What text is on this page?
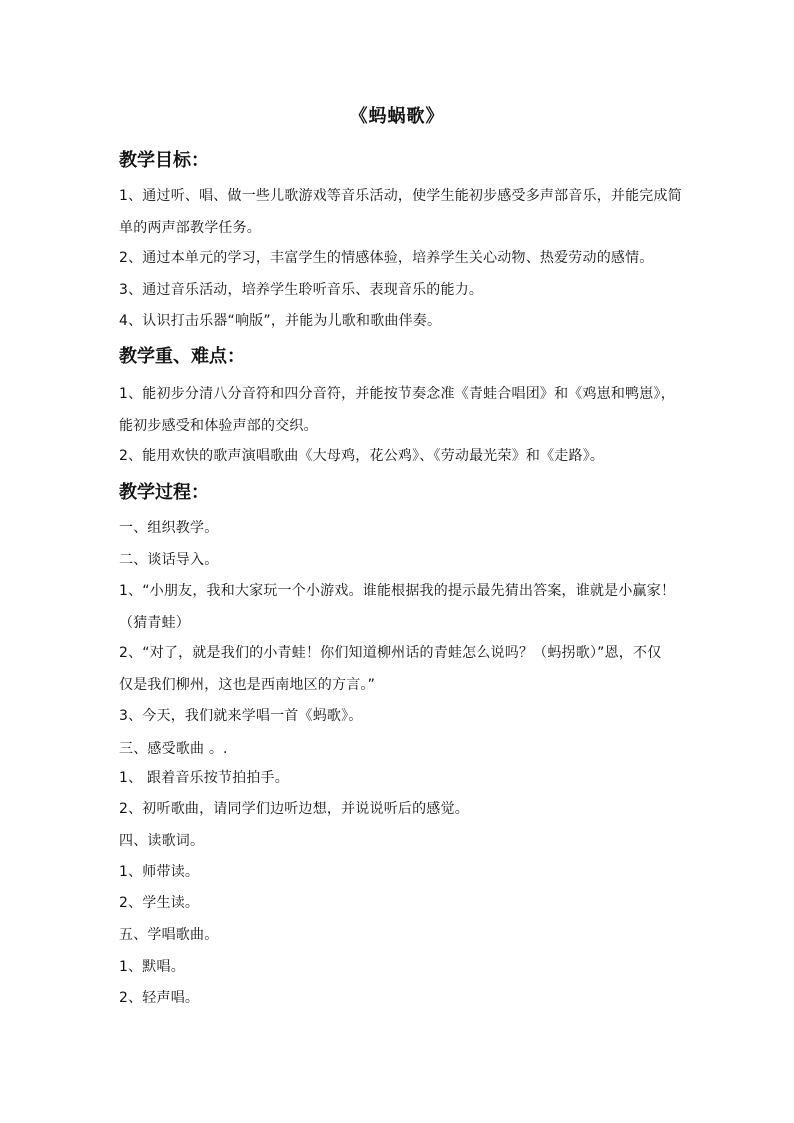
《蚂蜗歌》
教学目标：
1、通过听、唱、做一些儿歌游戏等音乐活动，使学生能初步感受多声部音乐，并能完成简
单的两声部教学任务。
2、通过本单元的学习，丰富学生的情感体验，培养学生关心动物、热爱劳动的感情。
3、通过音乐活动，培养学生聆听音乐、表现音乐的能力。
4、认识打击乐器“响版”，并能为儿歌和歌曲伴奏。
教学重、难点：
1、能初步分清八分音符和四分音符，并能按节奏念准《青蛙合唱团》和《鸡崽和鸭崽》，
能初步感受和体验声部的交织。
2、能用欢快的歌声演唱歌曲《大母鸡，花公鸡》、《劳动最光荣》和《走路》。
教学过程：
一、组织教学。
二、谈话导入。
1、“小朋友，我和大家玩一个小游戏。谁能根据我的提示最先猜出答案，谁就是小赢家！
（猜青蛙）
2、“对了，就是我们的小青蛙！你们知道柳州话的青蛙怎么说吗？（蚂拐歌）”恩，不仅
仅是我们柳州，这也是西南地区的方言。”
3、今天，我们就来学唱一首《蚂歌》。
三、感受歌曲 。.
1、 跟着音乐按节拍拍手。
2、初听歌曲，请同学们边听边想，并说说听后的感觉。
四、读歌词。
1、师带读。
2、学生读。
五、学唱歌曲。
1、默唱。
2、轻声唱。
